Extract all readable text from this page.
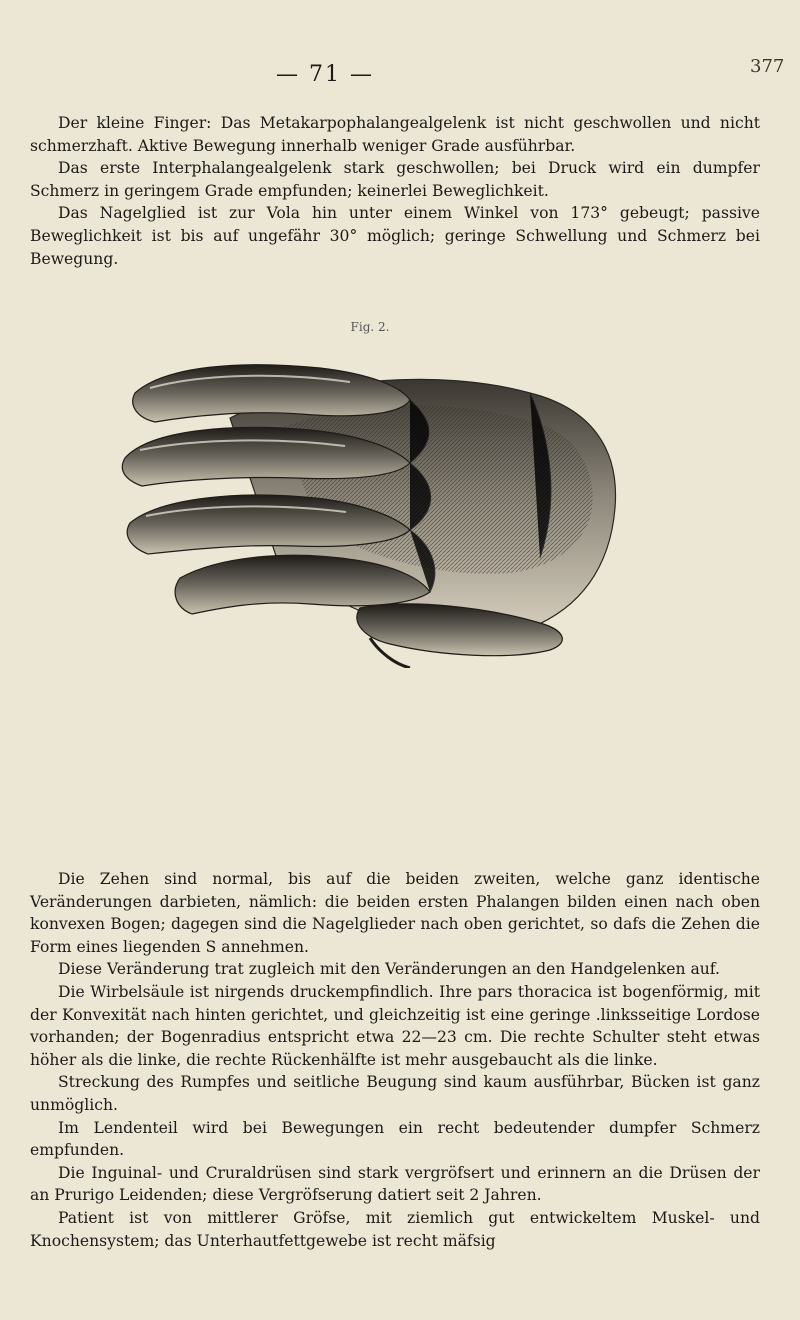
— 71 —	377

Der kleine Finger: Das Metakarpophalangealgelenk ist nicht geschwollen und nicht schmerzhaft. Aktive Bewegung innerhalb weniger Grade ausführbar.

Das erste Interphalangealgelenk stark geschwollen; bei Druck wird ein dumpfer Schmerz in geringem Grade empfunden; keinerlei Beweglichkeit.

Das Nagelglied ist zur Vola hin unter einem Winkel von 173° gebeugt; passive Beweglichkeit ist bis auf ungefähr 30° möglich; geringe Schwellung und Schmerz bei Bewegung.

Fig. 2.

Die Zehen sind normal, bis auf die beiden zweiten, welche ganz identische Veränderungen darbieten, nämlich: die beiden ersten Phalangen bilden einen nach oben konvexen Bogen; dagegen sind die Nagelglieder nach oben gerichtet, so dafs die Zehen die Form eines liegenden S annehmen.

Diese Veränderung trat zugleich mit den Veränderungen an den Handgelenken auf.

Die Wirbelsäule ist nirgends druckempfindlich. Ihre pars thoracica ist bogenförmig, mit der Konvexität nach hinten gerichtet, und gleichzeitig ist eine geringe .linksseitige Lordose vorhanden; der Bogenradius entspricht etwa 22—23 cm. Die rechte Schulter steht etwas höher als die linke, die rechte Rückenhälfte ist mehr ausgebaucht als die linke.

Streckung des Rumpfes und seitliche Beugung sind kaum ausführbar, Bücken ist ganz unmöglich.

Im Lendenteil wird bei Bewegungen ein recht bedeutender dumpfer Schmerz empfunden.

Die Inguinal- und Cruraldrüsen sind stark vergröfsert und erinnern an die Drüsen der an Prurigo Leidenden; diese Vergröfserung datiert seit 2 Jahren.

Patient ist von mittlerer Gröfse, mit ziemlich gut entwickeltem Muskel- und Knochensystem; das Unterhautfettgewebe ist recht mäfsig
